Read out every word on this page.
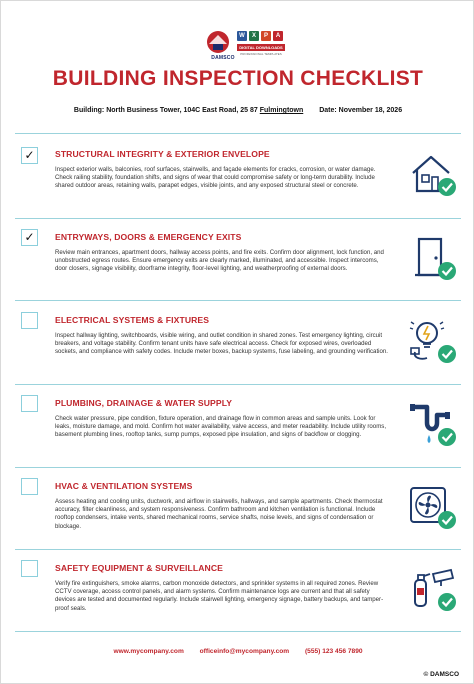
DAMSCO
W	X	P	A
DIGITAL DOWNLOADS
PROFESSIONAL TEMPLATES
BUILDING INSPECTION CHECKLIST
Building: North Business Tower, 104C East Road, 25 87 Fulmingtown Date: November 18, 2026
✓	STRUCTURAL INTEGRITY & EXTERIOR ENVELOPE
Inspect exterior walls, balconies, roof surfaces, stairwells, and façade elements for cracks, corrosion, or water damage. Check railing stability, foundation shifts, and signs of wear that could compromise safety or long-term durability. Include shared outdoor areas, retaining walls, parapet edges, visible joints, and any exposed structural steel or concrete.
✓	ENTRYWAYS, DOORS & EMERGENCY EXITS
Review main entrances, apartment doors, hallway access points, and fire exits. Confirm door alignment, lock function, and unobstructed egress routes. Ensure emergency exits are clearly marked, illuminated, and accessible. Inspect intercoms, door closers, signage visibility, doorframe integrity, floor-level lighting, and weatherproofing of external doors.
ELECTRICAL SYSTEMS & FIXTURES
Inspect hallway lighting, switchboards, visible wiring, and outlet condition in shared zones. Test emergency lighting, circuit breakers, and voltage stability. Confirm tenant units have safe electrical access. Check for exposed wires, overloaded sockets, and compliance with safety codes. Include meter boxes, backup systems, fuse labeling, and grounding verification.
PLUMBING, DRAINAGE & WATER SUPPLY
Check water pressure, pipe condition, fixture operation, and drainage flow in common areas and sample units. Look for leaks, moisture damage, and mold. Confirm hot water availability, valve access, and meter readability. Include utility rooms, basement plumbing lines, rooftop tanks, sump pumps, exposed pipe insulation, and signs of backflow or clogging.
HVAC & VENTILATION SYSTEMS
Assess heating and cooling units, ductwork, and airflow in stairwells, hallways, and sample apartments. Check thermostat accuracy, filter cleanliness, and system responsiveness. Confirm bathroom and kitchen ventilation is functional. Include rooftop condensers, intake vents, shared mechanical rooms, service shafts, noise levels, and signs of condensation or blockage.
SAFETY EQUIPMENT & SURVEILLANCE
Verify fire extinguishers, smoke alarms, carbon monoxide detectors, and sprinkler systems in all required zones. Review CCTV coverage, access control panels, and alarm systems. Confirm maintenance logs are current and that all safety devices are tested and documented regularly. Include stairwell lighting, emergency signage, battery backups, and tamper-proof seals.
www.mycompany.com officeinfo@mycompany.com (555) 123 456 7890
© DAMSCO
